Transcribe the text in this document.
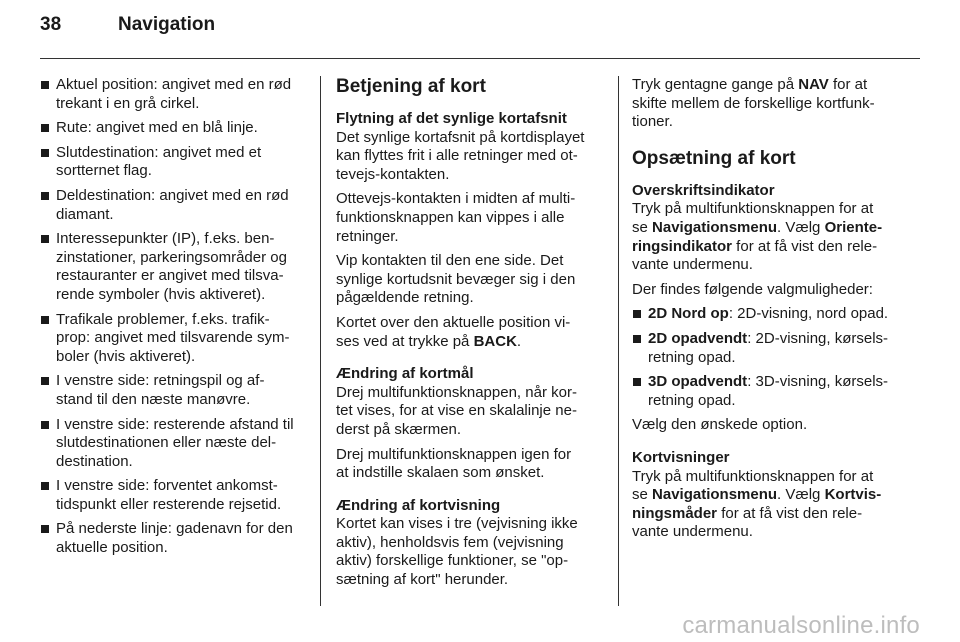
38	Navigation
Aktuel position: angivet med en rød
trekant i en grå cirkel.
Rute: angivet med en blå linje.
Slutdestination: angivet med et
sortternet flag.
Deldestination: angivet med en rød
diamant.
Interessepunkter (IP), f.eks. ben-
zinstationer, parkeringsområder og
restauranter er angivet med tilsva-
rende symboler (hvis aktiveret).
Trafikale problemer, f.eks. trafik-
prop: angivet med tilsvarende sym-
boler (hvis aktiveret).
I venstre side: retningspil og af-
stand til den næste manøvre.
I venstre side: resterende afstand til
slutdestinationen eller næste del-
destination.
I venstre side: forventet ankomst-
tidspunkt eller resterende rejsetid.
På nederste linje: gadenavn for den
aktuelle position.
Betjening af kort
Flytning af det synlige kortafsnit

Det synlige kortafsnit på kortdisplayet
kan flyttes frit i alle retninger med ot-
tevejs-kontakten.

Ottevejs-kontakten i midten af multi-
funktionsknappen kan vippes i alle
retninger.

Vip kontakten til den ene side. Det
synlige kortudsnit bevæger sig i den
pågældende retning.

Kortet over den aktuelle position vi-
ses ved at trykke på BACK.

Ændring af kortmål

Drej multifunktionsknappen, når kor-
tet vises, for at vise en skalalinje ne-
derst på skærmen.

Drej multifunktionsknappen igen for
at indstille skalaen som ønsket.

Ændring af kortvisning

Kortet kan vises i tre (vejvisning ikke
aktiv), henholdsvis fem (vejvisning
aktiv) forskellige funktioner, se "op-
sætning af kort" herunder.

Tryk gentagne gange på NAV for at
skifte mellem de forskellige kortfunk-
tioner.

Opsætning af kort
Overskriftsindikator

Tryk på multifunktionsknappen for at
se Navigationsmenu. Vælg Oriente-
ringsindikator for at få vist den rele-
vante undermenu.

Der findes følgende valgmuligheder:

2D Nord op: 2D-visning, nord opad.
2D opadvendt: 2D-visning, kørsels-
retning opad.
3D opadvendt: 3D-visning, kørsels-
retning opad.

Vælg den ønskede option.

Kortvisninger

Tryk på multifunktionsknappen for at
se Navigationsmenu. Vælg Kortvis-
ningsmåder for at få vist den rele-
vante undermenu.

carmanualsonline.info
